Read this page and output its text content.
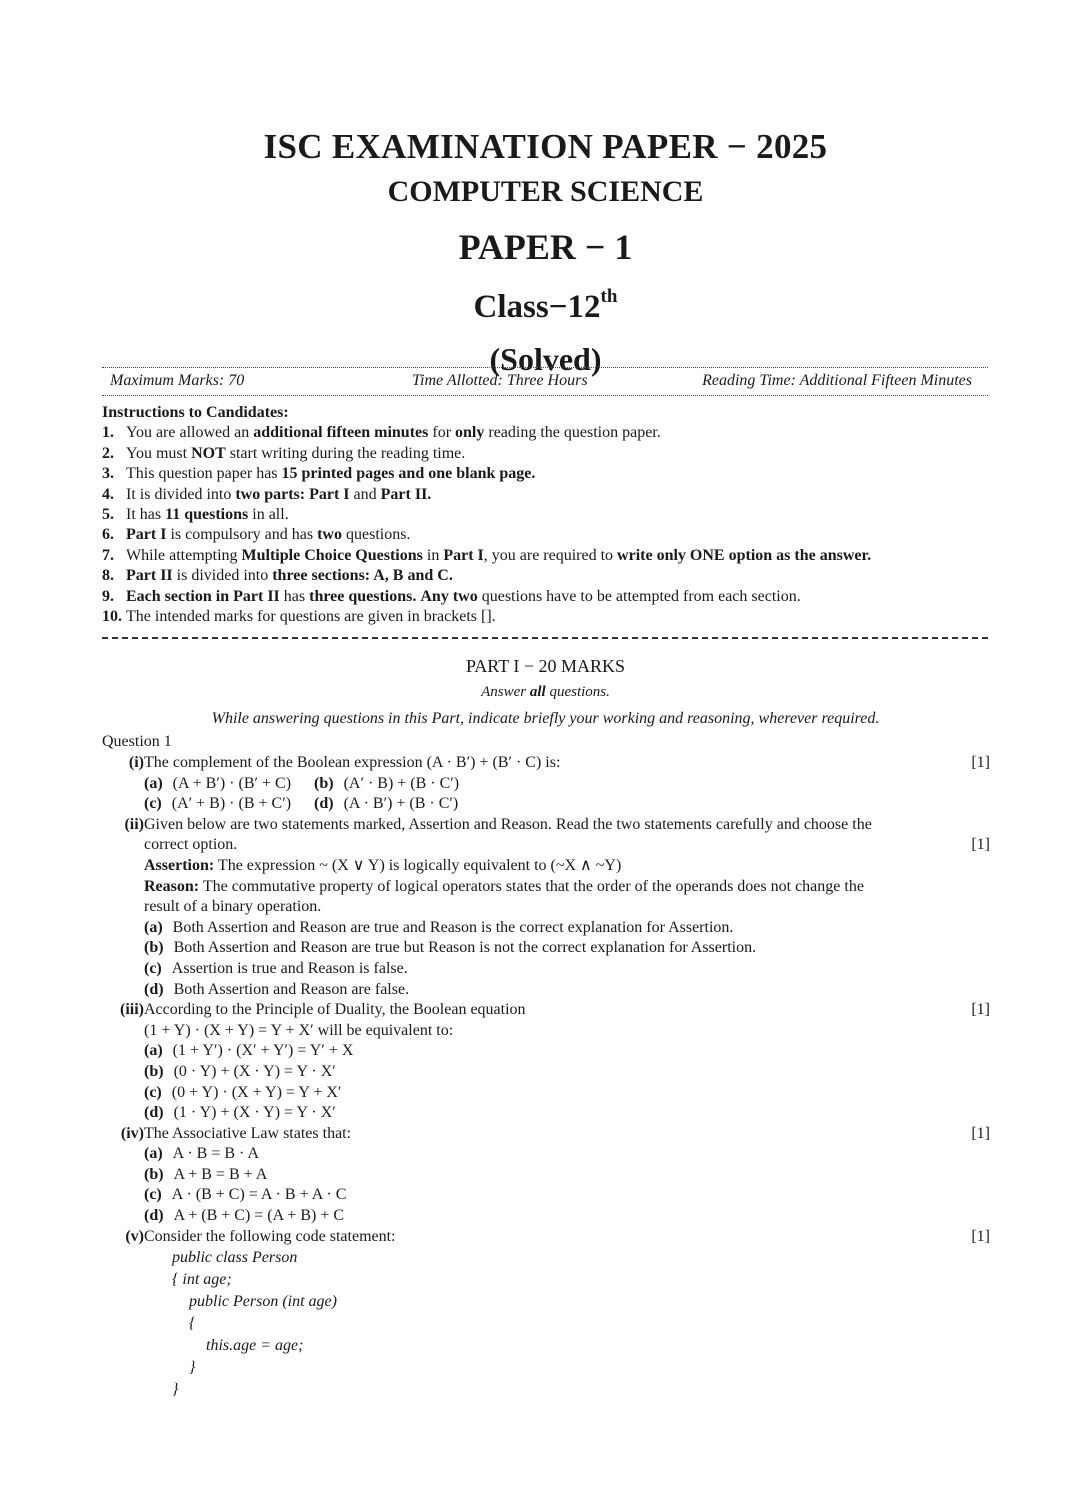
ISC EXAMINATION PAPER − 2025
COMPUTER SCIENCE
PAPER − 1
Class−12th
(Solved)
Maximum Marks: 70	Time Allotted: Three Hours	Reading Time: Additional Fifteen Minutes
Instructions to Candidates:
1. You are allowed an additional fifteen minutes for only reading the question paper.
2. You must NOT start writing during the reading time.
3. This question paper has 15 printed pages and one blank page.
4. It is divided into two parts: Part I and Part II.
5. It has 11 questions in all.
6. Part I is compulsory and has two questions.
7. While attempting Multiple Choice Questions in Part I, you are required to write only ONE option as the answer.
8. Part II is divided into three sections: A, B and C.
9. Each section in Part II has three questions. Any two questions have to be attempted from each section.
10. The intended marks for questions are given in brackets [].
PART I − 20 MARKS
Answer all questions.
While answering questions in this Part, indicate briefly your working and reasoning, wherever required.
Question 1
(i) The complement of the Boolean expression (A · B′) + (B′ · C) is:	[1]
(a) (A + B′) · (B′ + C) (b) (A′ · B) + (B · C′)
(c) (A′ + B) · (B + C′) (d) (A · B′) + (B · C′)
(ii) Given below are two statements marked, Assertion and Reason. Read the two statements carefully and choose the
correct option.	[1]
Assertion: The expression ~ (X ∨ Y) is logically equivalent to (~X ∧ ~Y)
Reason: The commutative property of logical operators states that the order of the operands does not change the
result of a binary operation.
(a) Both Assertion and Reason are true and Reason is the correct explanation for Assertion.
(b) Both Assertion and Reason are true but Reason is not the correct explanation for Assertion.
(c) Assertion is true and Reason is false.
(d) Both Assertion and Reason are false.
(iii) According to the Principle of Duality, the Boolean equation	[1]
(1 + Y) · (X + Y) = Y + X′ will be equivalent to:
(a) (1 + Y′) · (X′ + Y′) = Y′ + X
(b) (0 · Y) + (X · Y) = Y · X′
(c) (0 + Y) · (X + Y) = Y + X′
(d) (1 · Y) + (X · Y) = Y · X′
(iv) The Associative Law states that:	[1]
(a) A · B = B · A
(b) A + B = B + A
(c) A · (B + C) = A · B + A · C
(d) A + (B + C) = (A + B) + C
(v) Consider the following code statement:	[1]
public class Person
{ int age;
public Person (int age)
{
this.age = age;
}
}
